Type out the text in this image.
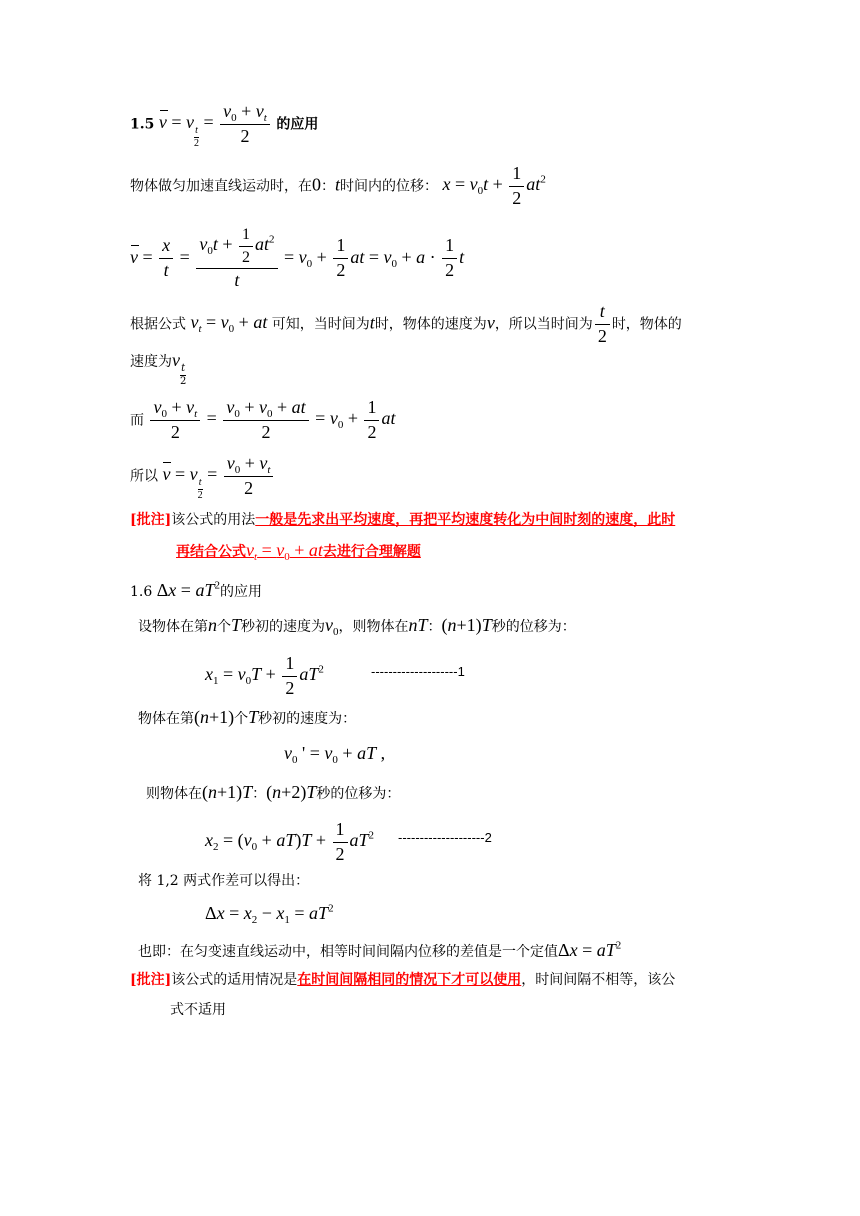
1.5 v = v
$_{\frac{t}{2}}$
= $\frac{v_0 + v_t}{2}$ 的应用
物体做匀加速直线运动时，在0：t时间内的位移： $x = v_0t + \frac{1}{2} at^2$
$v = \frac{x}{t} = \frac{v_0t + \frac{1}{2} at^2}{t} = v_0 + \frac{1}{2}$ at = $v_0 + a \cdot \frac{1}{2}$ t
根据公式 $v_t = v_0$ + at 可知，当时间为t时，物体的速度为v，所以当时间为 $\frac{t}{2}$ 时，物体的
速度为v
$_{\frac{t}{2}}$
而 $\frac{v_0 + v_t}{2} = \frac{v_0 + v_0 + at}{2} = v_0 + \frac{1}{2}$ at
所以 v = v
$_{\frac{t}{2}}$
= $\frac{v_0 + v_t}{2}$
[批注]该公式的用法一般是先求出平均速度，再把平均速度转化为中间时刻的速度，此时
再结合公式$v_t = v_0$ + at去进行合理解题
1.6 $\Delta x = aT^2$的应用
设物体在第n个T秒初的速度为$v_0$，则物体在nT：(n+1)T秒的位移为：
$x_1 = v_0T + \frac{1}{2} aT^2$	--------------------1
物体在第(n+1)个T秒初的速度为：
$v_0$ ' = $v_0$ + aT ,
则物体在(n+1)T：(n+2)T秒的位移为：
$x_2 = (v_0 + aT)T + \frac{1}{2} aT^2$ --------------------2
将 1,2 两式作差可以得出：
$\Delta x = x_2 - x_1 = aT^2$
也即：在匀变速直线运动中，相等时间间隔内位移的差值是一个定值$\Delta x = aT^2$
[批注]该公式的适用情况是在时间间隔相同的情况下才可以使用，时间间隔不相等，该公
式不适用
